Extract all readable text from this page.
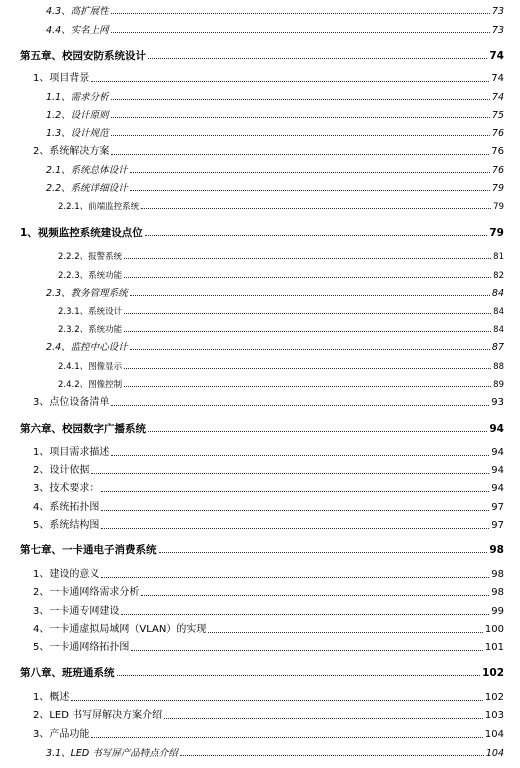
4.3、高扩展性	73
4.4、实名上网	73
第五章、校园安防系统设计	74
1、项目背景	74
1.1、需求分析	74
1.2、设计原则	75
1.3、设计规范	76
2、系统解决方案	76
2.1、系统总体设计	76
2.2、系统详细设计	79
2.2.1、前端监控系统	79
1、视频监控系统建设点位	79
2.2.2、报警系统	81
2.2.3、系统功能	82
2.3、教务管理系统	84
2.3.1、系统设计	84
2.3.2、系统功能	84
2.4、监控中心设计	87
2.4.1、图像显示	88
2.4.2、图像控制	89
3、点位设备清单	93
第六章、校园数字广播系统	94
1、项目需求描述	94
2、设计依据	94
3、技术要求：	94
4、系统拓扑图	97
5、系统结构图	97
第七章、一卡通电子消费系统	98
1、建设的意义	98
2、一卡通网络需求分析	98
3、一卡通专网建设	99
4、一卡通虚拟局域网（VLAN）的实现	100
5、一卡通网络拓扑图	101
第八章、班班通系统	102
1、概述	102
2、LED 书写屏解决方案介绍	103
3、产品功能	104
3.1、LED 书写屏产品特点介绍	104
